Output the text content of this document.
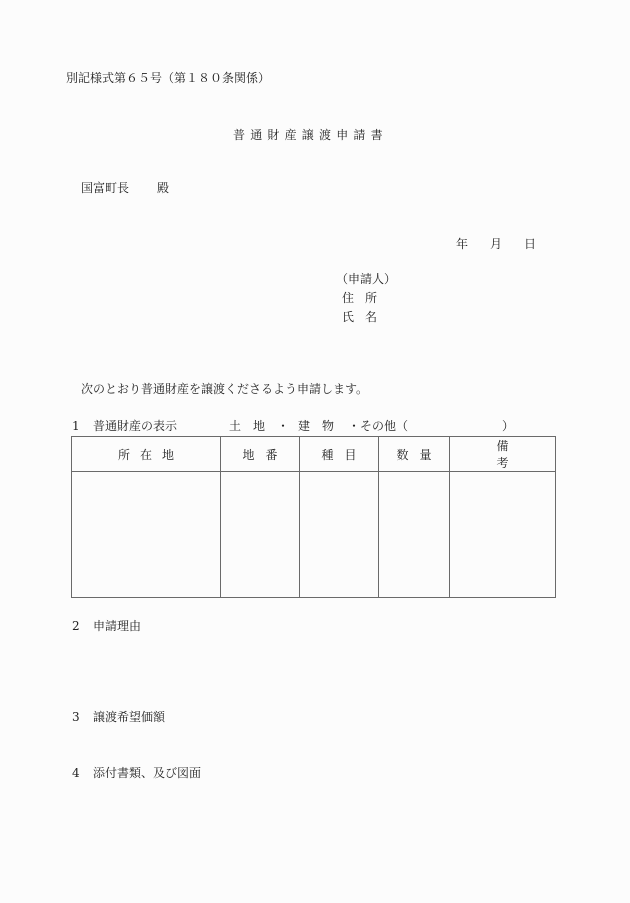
別記様式第６５号（第１８０条関係）
普通財産譲渡申請書
国富町長 殿
年 月 日
（申請人）
住所
氏名
次のとおり普通財産を譲渡くださるよう申請します。
1 普通財産の表示	土　地 ・ 建　物 ・その他（	）
所在地	地番	種目	数量	備考

2 申請理由
3 譲渡希望価額
4 添付書類、及び図面
